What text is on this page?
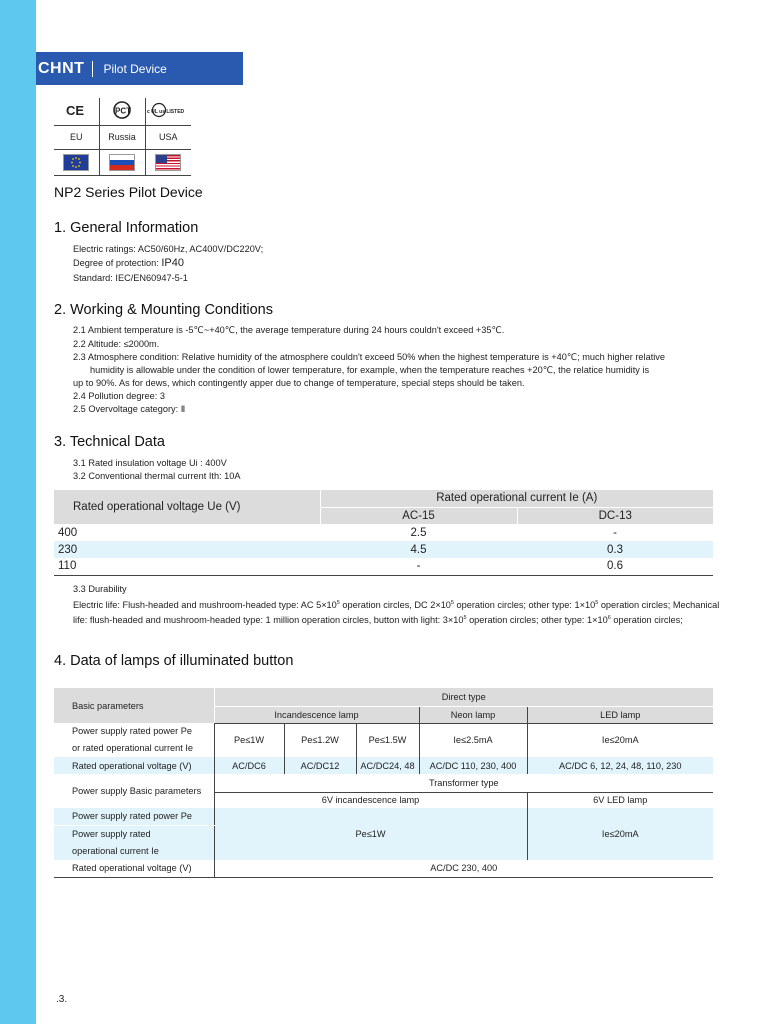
CHNT Pilot Device
CE	PCT	c UL us LISTED

EU	Russia	USA

NP2 Series Pilot Device
1. General Information
Electric ratings: AC50/60Hz, AC400V/DC220V;
Degree of protection: IP40
Standard: IEC/EN60947-5-1
2. Working & Mounting Conditions
2.1 Ambient temperature is -5℃~+40℃, the average temperature during 24 hours couldn't exceed +35℃.
2.2 Altitude: ≤2000m.
2.3 Atmosphere condition: Relative humidity of the atmosphere couldn't exceed 50% when the highest temperature is +40℃; much higher relative
humidity is allowable under the condition of lower temperature, for example, when the temperature reaches +20℃, the relatice humidity is
up to 90%. As for dews, which contingently apper due to change of temperature, special steps should be taken.
2.4 Pollution degree: 3
2.5 Overvoltage category: Ⅱ
3. Technical Data
3.1 Rated insulation voltage Ui : 400V
3.2 Conventional thermal current Ith: 10A
Rated operational voltage Ue (V)	Rated operational current Ie (A)	
	AC-15	DC-13
400	2.5	-
230	4.5	0.3
110	-	0.6
3.3 Durability
Electric life: Flush-headed and mushroom-headed type: AC $5\times 10^5$ operation circles, DC $2\times 10^5$ operation circles; other type: $1\times 10^5$ operation circles; Mechanical life: flush-headed and mushroom-headed type: 1 million operation circles, button with light: $3\times 10^5$ operation circles; other type: $1\times 10^6$ operation circles;
4. Data of lamps of illuminated button
Basic parameters	Direct type				
	Incandescence lamp			Neon lamp	LED lamp

Power supply rated power Pe
or rated operational current Ie	Pe≤1W	Pe≤1.2W	Pe≤1.5W	Ie≤2.5mA	Ie≤20mA
Rated operational voltage (V)	AC/DC6	AC/DC12	AC/DC24, 48	AC/DC 110, 230, 400	AC/DC 6, 12, 24, 48, 110, 230
Power supply Basic parameters	Transformer type				
	6V incandescence lamp				6V LED lamp
Power supply rated power Pe	Pe≤1W				Ie≤20mA

Power supply rated
operational current Ie					

Rated operational voltage (V)	AC/DC 230, 400				
.3.
